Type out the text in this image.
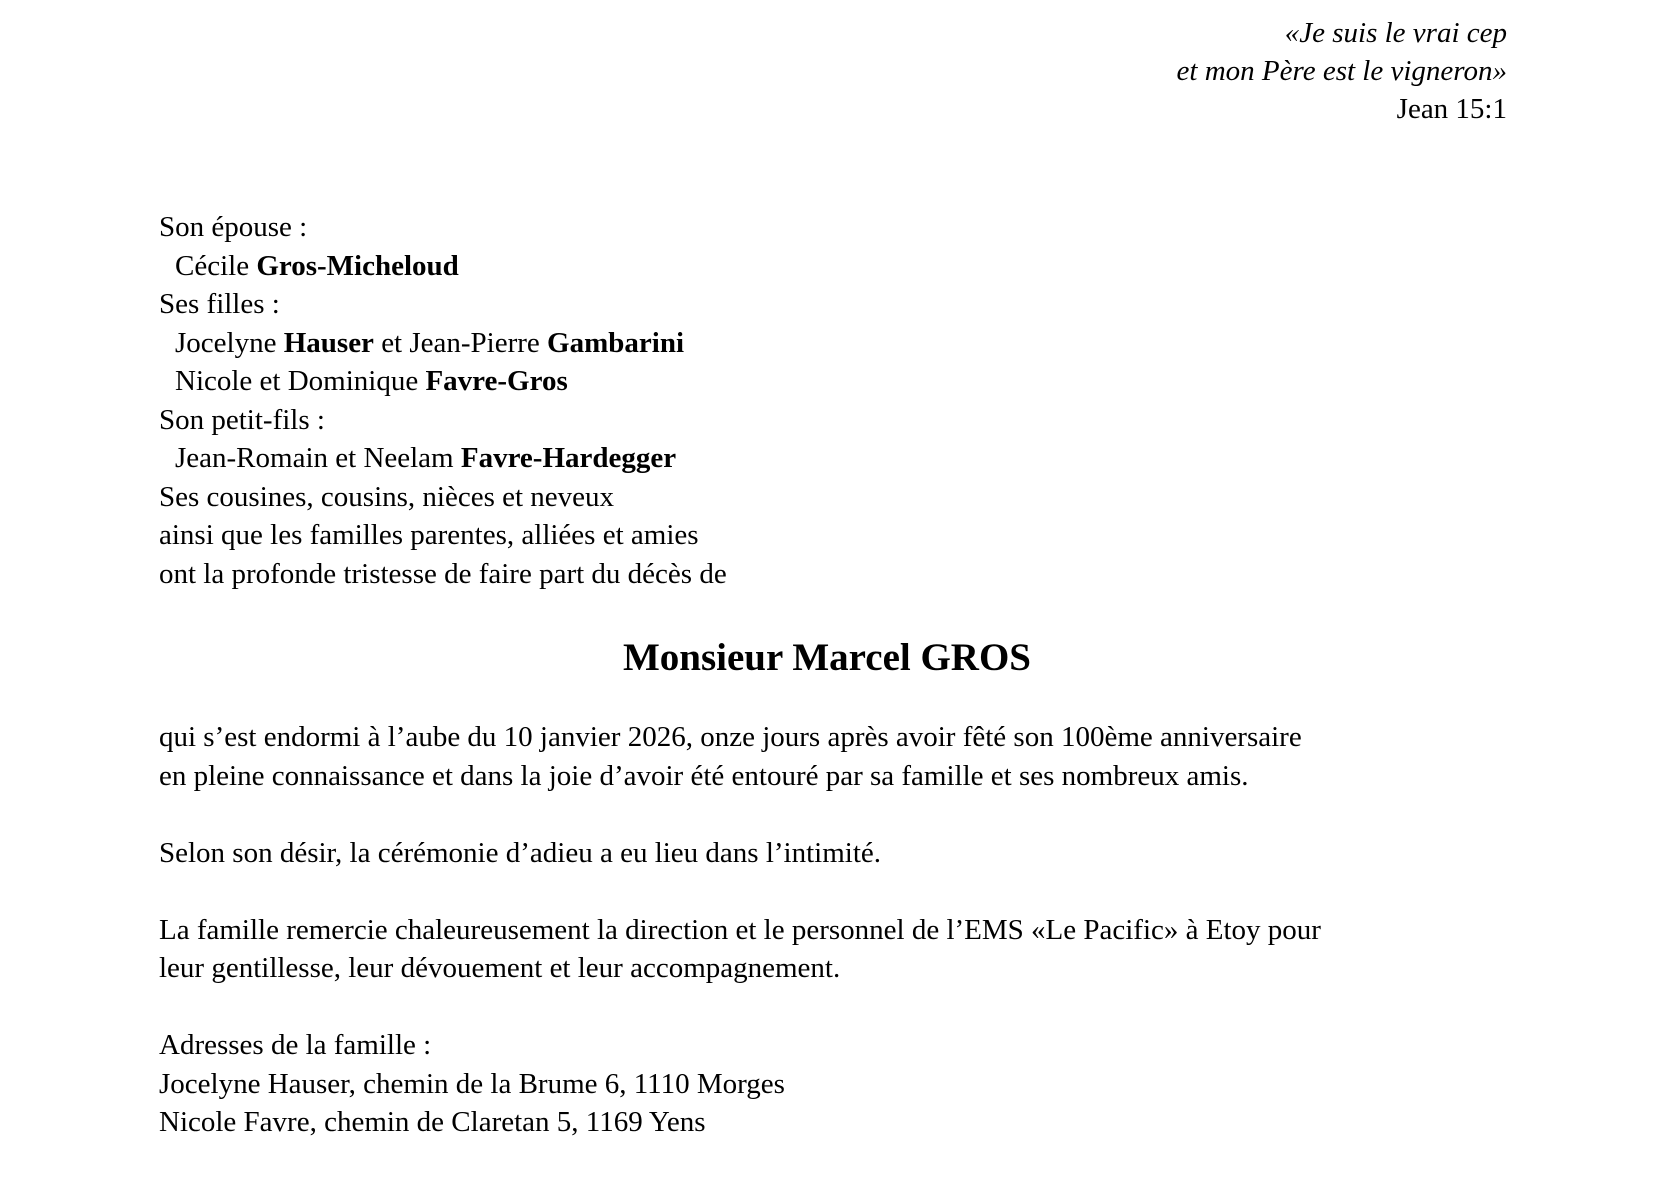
«Je suis le vrai cep
et mon Père est le vigneron»
Jean 15:1
Son épouse :
Cécile Gros-Micheloud
Ses filles :
Jocelyne Hauser et Jean-Pierre Gambarini
Nicole et Dominique Favre-Gros
Son petit-fils :
Jean-Romain et Neelam Favre-Hardegger
Ses cousines, cousins, nièces et neveux
ainsi que les familles parentes, alliées et amies
ont la profonde tristesse de faire part du décès de
Monsieur Marcel GROS

qui s’est endormi à l’aube du 10 janvier 2026, onze jours après avoir fêté son 100ème anniversaire
en pleine connaissance et dans la joie d’avoir été entouré par sa famille et ses nombreux amis.

Selon son désir, la cérémonie d’adieu a eu lieu dans l’intimité.

La famille remercie chaleureusement la direction et le personnel de l’EMS «Le Pacific» à Etoy pour
leur gentillesse, leur dévouement et leur accompagnement.

Adresses de la famille :
Jocelyne Hauser, chemin de la Brume 6, 1110 Morges
Nicole Favre, chemin de Claretan 5, 1169 Yens
